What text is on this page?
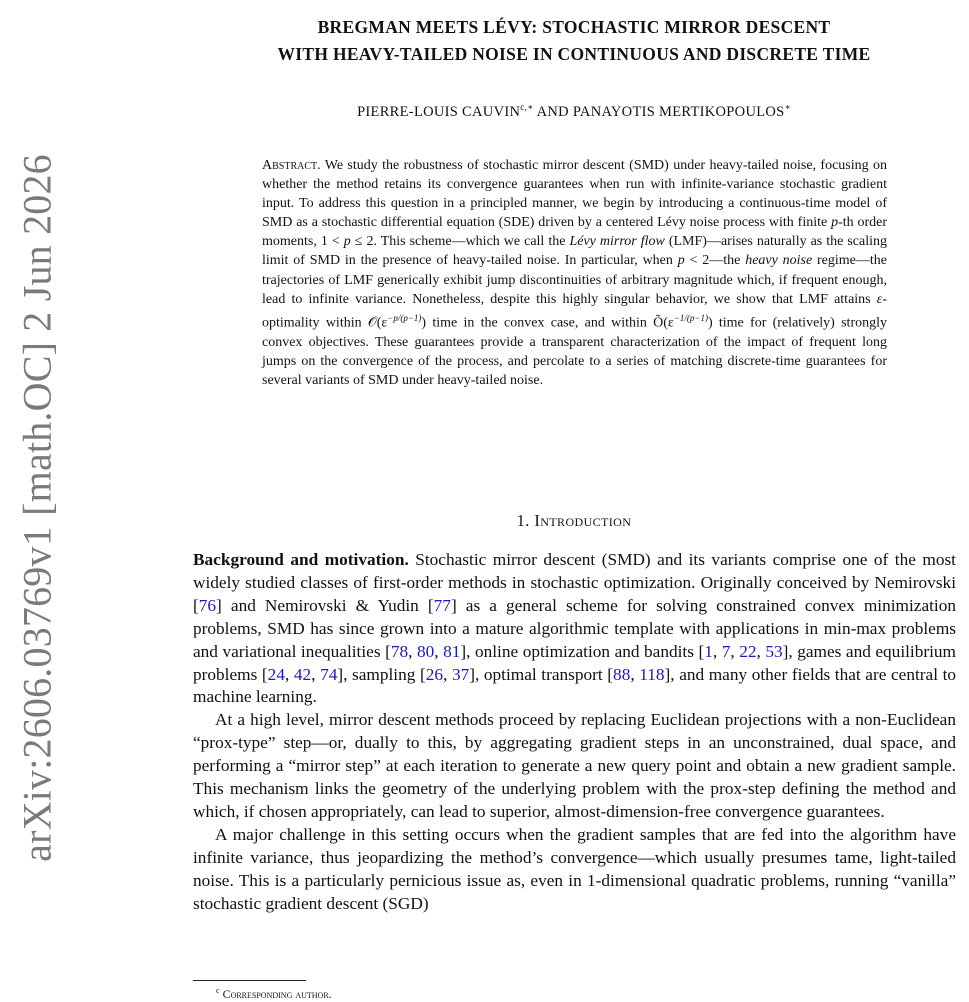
arXiv:2606.03769v1 [math.OC] 2 Jun 2026
BREGMAN MEETS LÉVY: STOCHASTIC MIRROR DESCENT
WITH HEAVY-TAILED NOISE IN CONTINUOUS AND DISCRETE TIME
PIERRE-LOUIS $CAUVIN^{c,∗}$ AND PANAYOTIS MERTIKOPOULOS∗
Abstract. We study the robustness of stochastic mirror descent (SMD) under heavy-tailed noise, focusing on whether the method retains its convergence guarantees when run with infinite-variance stochastic gradient input. To address this question in a principled manner, we begin by introducing a continuous-time model of SMD as a stochastic differential equation (SDE) driven by a centered Lévy noise process with finite p-th order moments, 1 < p ≤ 2. This scheme—which we call the Lévy mirror flow (LMF)—arises naturally as the scaling limit of SMD in the presence of heavy-tailed noise. In particular, when p < 2—the heavy noise regime—the trajectories of LMF generically exhibit jump discontinuities of arbitrary magnitude which, if frequent enough, lead to infinite variance. Nonetheless, despite this highly singular behavior, we show that LMF attains ε-optimality within $𝒪(\varepsilon^{-p/(p-1)})$ time in the convex case, and within $Õ(\varepsilon^{-1/(p-1)})$ time for (relatively) strongly convex objectives. These guarantees provide a transparent characterization of the impact of frequent long jumps on the convergence of the process, and percolate to a series of matching discrete-time guarantees for several variants of SMD under heavy-tailed noise.
1. Introduction

Background and motivation. Stochastic mirror descent (SMD) and its variants comprise one of the most widely studied classes of first-order methods in stochastic optimization. Originally conceived by Nemirovski [76] and Nemirovski & Yudin [77] as a general scheme for solving constrained convex minimization problems, SMD has since grown into a mature algorithmic template with applications in min-max problems and variational inequalities [78, 80, 81], online optimization and bandits [1, 7, 22, 53], games and equilibrium problems [24, 42, 74], sampling [26, 37], optimal transport [88, 118], and many other fields that are central to machine learning.

At a high level, mirror descent methods proceed by replacing Euclidean projections with a non-Euclidean “prox-type” step—or, dually to this, by aggregating gradient steps in an unconstrained, dual space, and performing a “mirror step” at each iteration to generate a new query point and obtain a new gradient sample. This mechanism links the geometry of the underlying problem with the prox-step defining the method and which, if chosen appropriately, can lead to superior, almost-dimension-free convergence guarantees.

A major challenge in this setting occurs when the gradient samples that are fed into the algorithm have infinite variance, thus jeopardizing the method’s convergence—which usually presumes tame, light-tailed noise. This is a particularly pernicious issue as, even in 1-dimensional quadratic problems, running “vanilla” stochastic gradient descent (SGD)

$^c$ Corresponding author.
